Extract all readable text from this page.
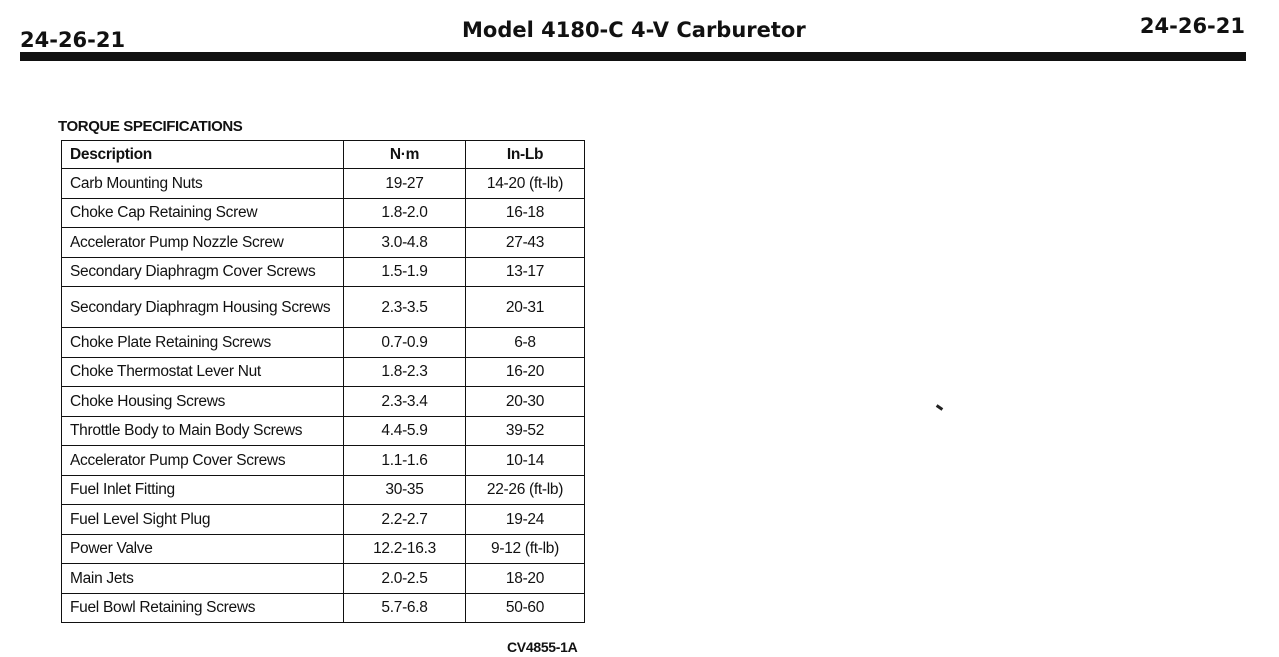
24-26-21	Model 4180-C 4-V Carburetor	24-26-21
TORQUE SPECIFICATIONS
Description	N·m	In-Lb
Carb Mounting Nuts	19-27	14-20 (ft-lb)
Choke Cap Retaining Screw	1.8-2.0	16-18
Accelerator Pump Nozzle Screw	3.0-4.8	27-43
Secondary Diaphragm Cover Screws	1.5-1.9	13-17
Secondary Diaphragm Housing Screws	2.3-3.5	20-31
Choke Plate Retaining Screws	0.7-0.9	6-8
Choke Thermostat Lever Nut	1.8-2.3	16-20
Choke Housing Screws	2.3-3.4	20-30
Throttle Body to Main Body Screws	4.4-5.9	39-52
Accelerator Pump Cover Screws	1.1-1.6	10-14
Fuel Inlet Fitting	30-35	22-26 (ft-lb)
Fuel Level Sight Plug	2.2-2.7	19-24
Power Valve	12.2-16.3	9-12 (ft-lb)
Main Jets	2.0-2.5	18-20
Fuel Bowl Retaining Screws	5.7-6.8	50-60
CV4855-1A
